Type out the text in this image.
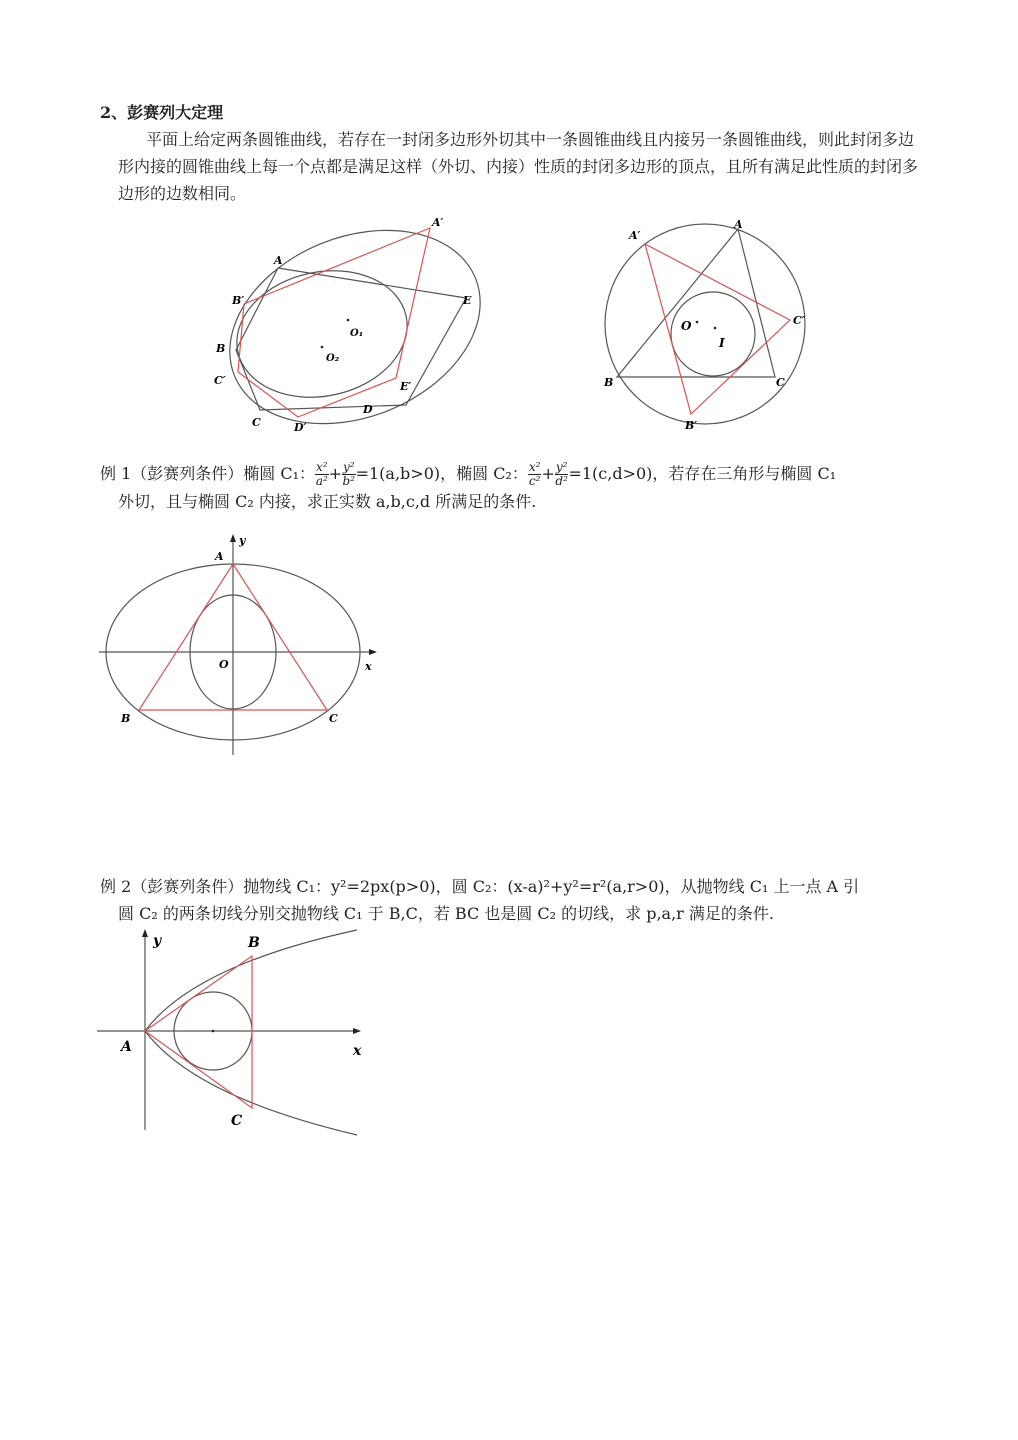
2、彭赛列大定理
平面上给定两条圆锥曲线，若存在一封闭多边形外切其中一条圆锥曲线且内接另一条圆锥曲线，则此封闭多边形内接的圆锥曲线上每一个点都是满足这样（外切、内接）性质的封闭多边形的顶点，且所有满足此性质的封闭多边形的边数相同。
A′
A
B′	E
O₁
O₂
B
C′	E′
D
C	D′
A′
A
C′
O
I
B	C
B′
例 1（彭赛列条件）椭圆 C₁： $\frac{\text{x²}}{\text{a²}} + \frac{\text{y²}}{\text{b²}} =1(a,b>0)$，椭圆 C₂： $\frac{\text{x²}}{\text{c²}} + \frac{\text{y²}}{\text{d²}} =1(c,d>0)$，若存在三角形与椭圆 C₁
外切，且与椭圆 C₂ 内接，求正实数 a,b,c,d 所满足的条件.
y
A
O	x
B	C
例 2（彭赛列条件）抛物线 C₁：y²=2px(p>0)，圆 C₂：(x-a)²+y²=r²(a,r>0)，从抛物线 C₁ 上一点 A 引
圆 C₂ 的两条切线分别交抛物线 C₁ 于 B,C，若 BC 也是圆 C₂ 的切线，求 p,a,r 满足的条件.
y	B
A	x
C
